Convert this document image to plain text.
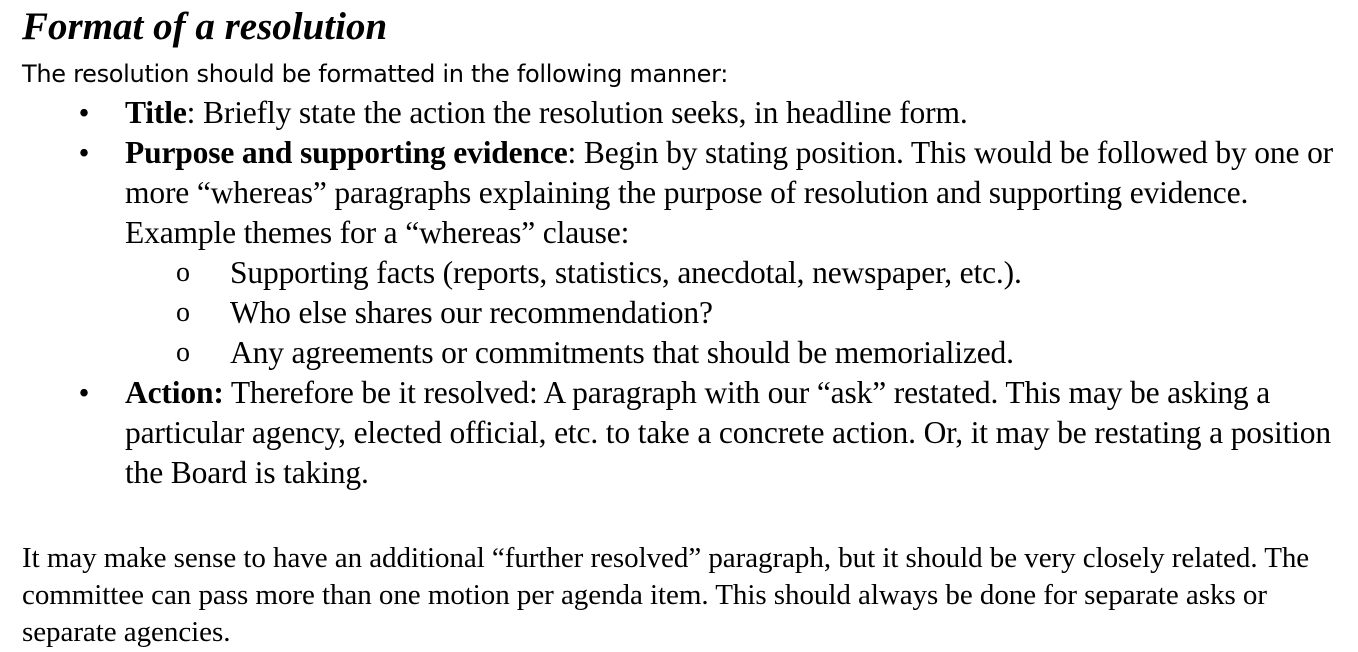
Format of a resolution

The resolution should be formatted in the following manner:

• Title: Briefly state the action the resolution seeks, in headline form.
• Purpose and supporting evidence: Begin by stating position. This would be followed by one or more “whereas” paragraphs explaining the purpose of resolution and supporting evidence. Example themes for a “whereas” clause:
o Supporting facts (reports, statistics, anecdotal, newspaper, etc.).
o Who else shares our recommendation?
o Any agreements or commitments that should be memorialized.
• Action: Therefore be it resolved: A paragraph with our “ask” restated. This may be asking a particular agency, elected official, etc. to take a concrete action. Or, it may be restating a position the Board is taking.

It may make sense to have an additional “further resolved” paragraph, but it should be very closely related. The committee can pass more than one motion per agenda item. This should always be done for separate asks or separate agencies.
